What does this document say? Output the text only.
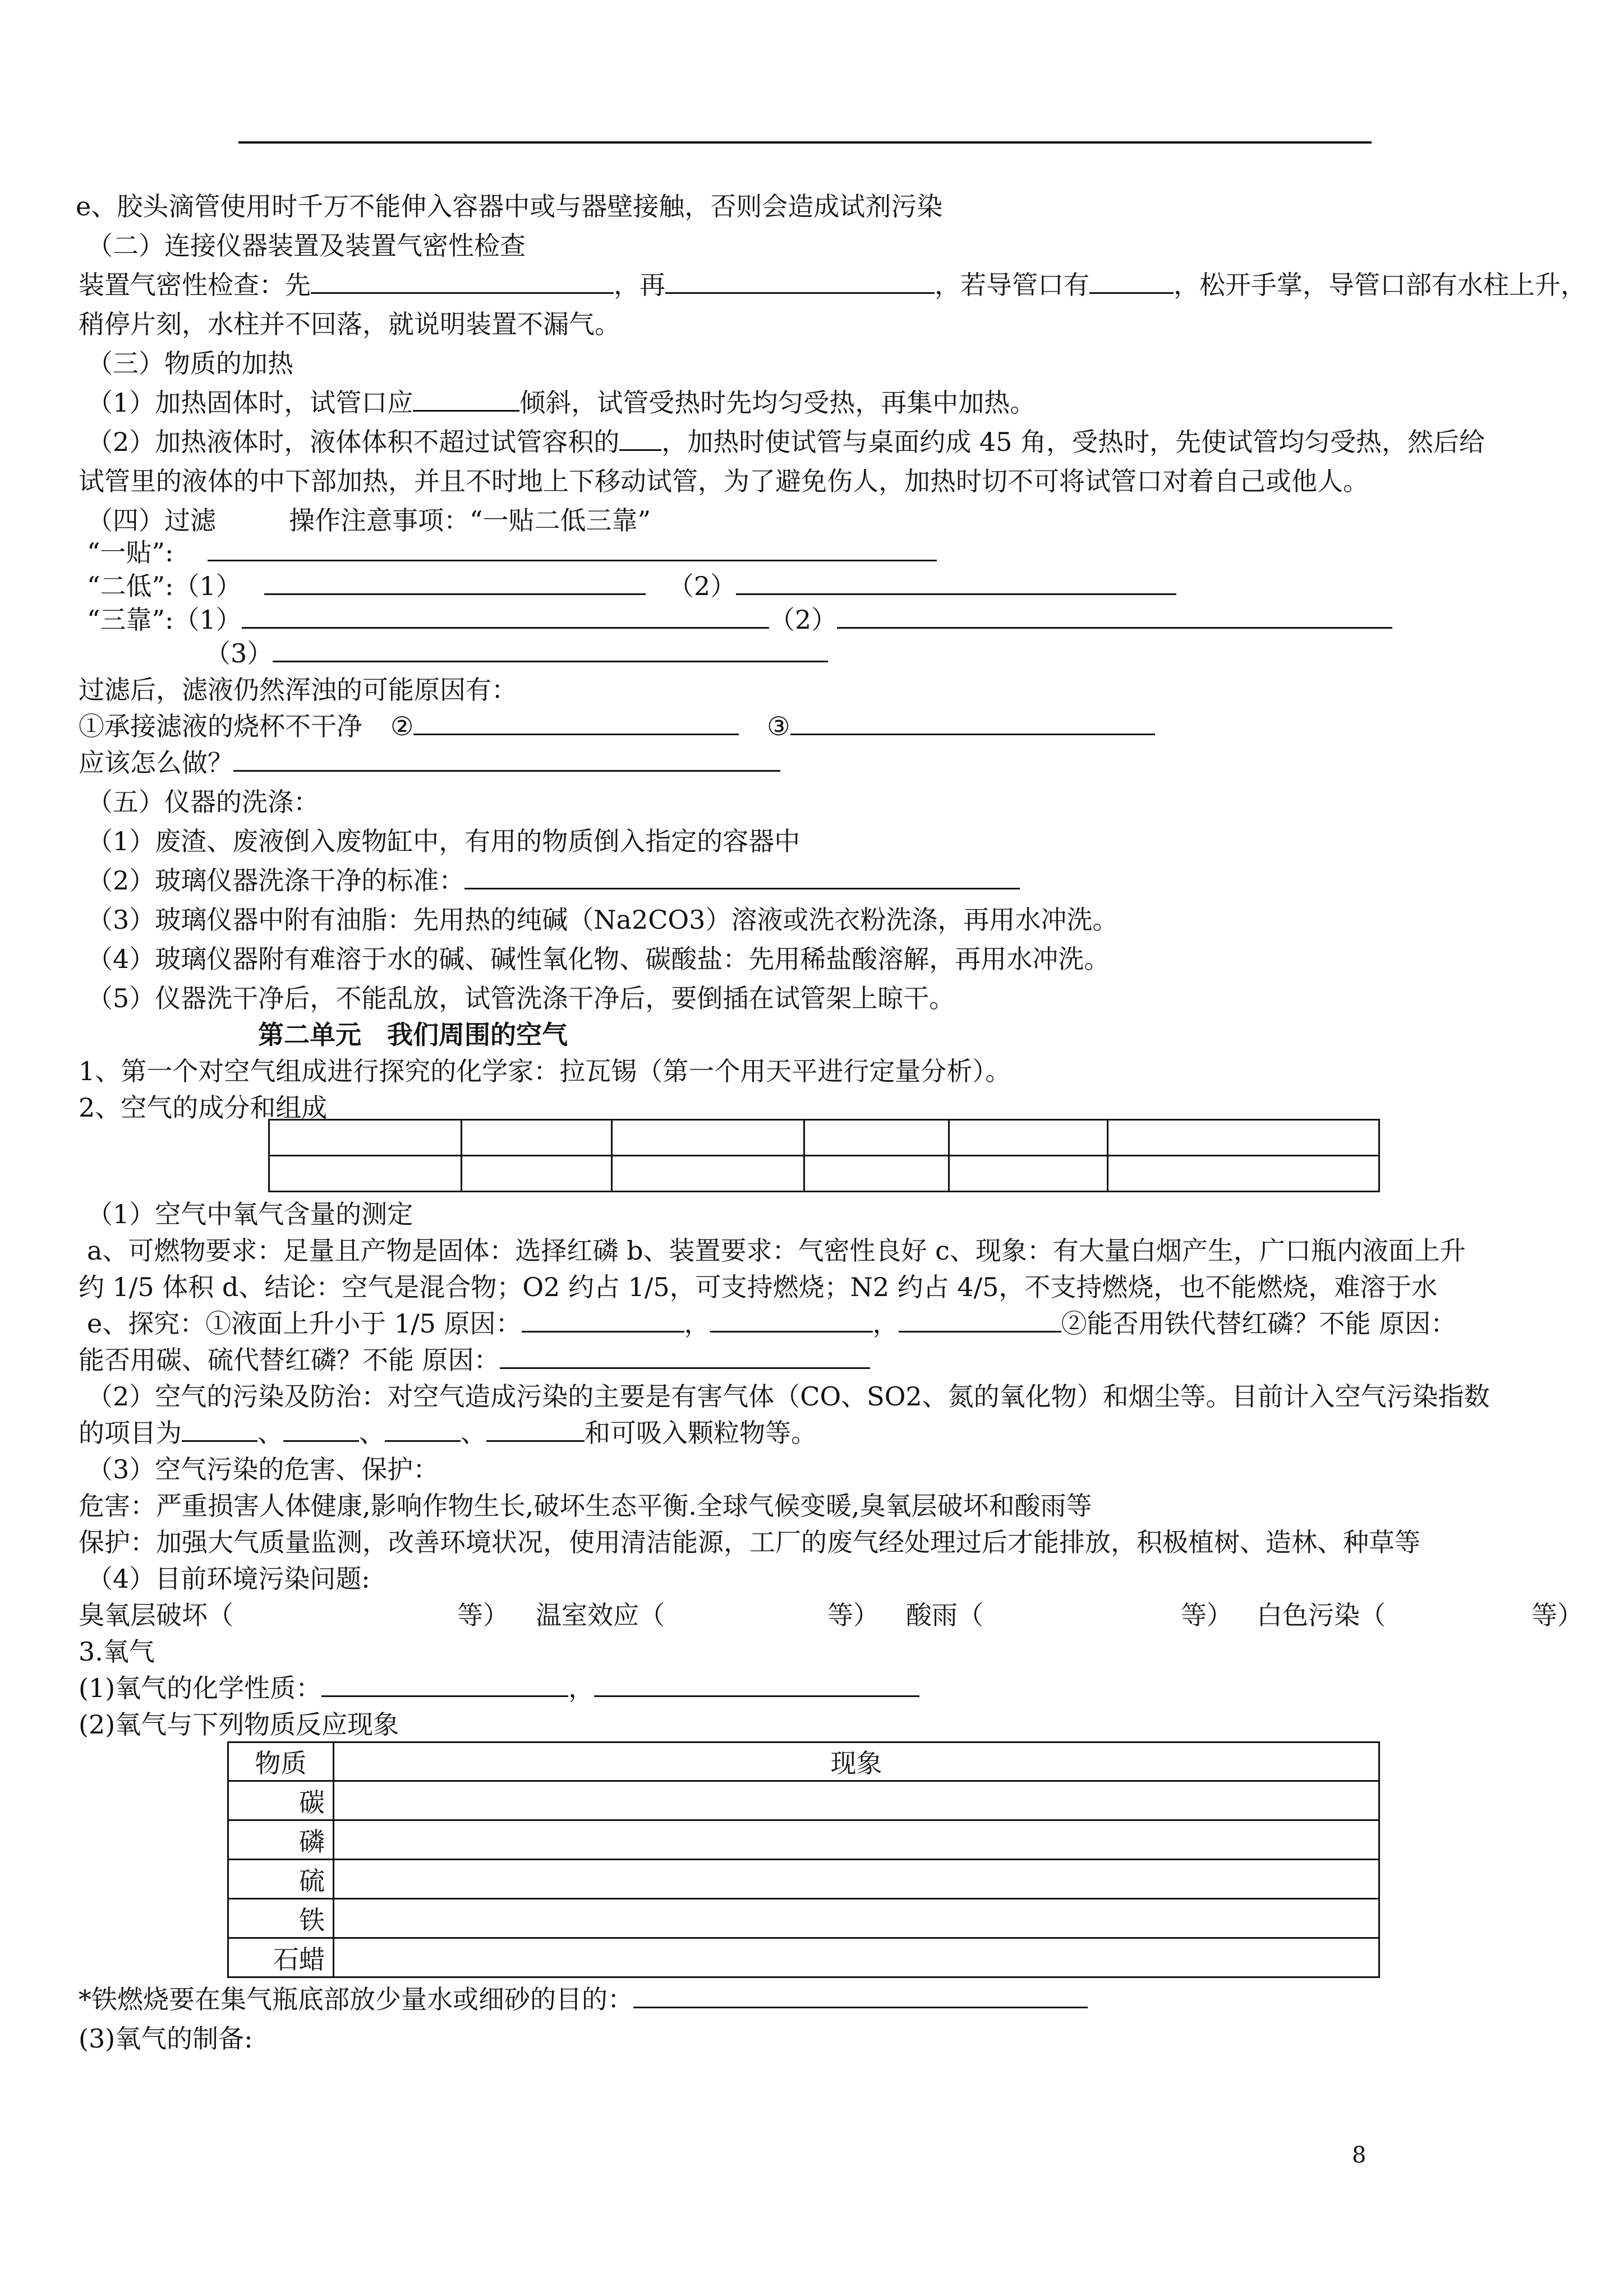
e、胶头滴管使用时千万不能伸入容器中或与器壁接触，否则会造成试剂污染
（二）连接仪器装置及装置气密性检查
装置气密性检查：先	，再	，若导管口有	，松开手掌，导管口部有水柱上升，
稍停片刻，水柱并不回落，就说明装置不漏气。
（三）物质的加热
（1）加热固体时，试管口应	倾斜，试管受热时先均匀受热，再集中加热。
（2）加热液体时，液体体积不超过试管容积的 ，加热时使试管与桌面约成 45 角，受热时，先使试管均匀受热，然后给
试管里的液体的中下部加热，并且不时地上下移动试管，为了避免伤人，加热时切不可将试管口对着自己或他人。
（四）过滤	操作注意事项：“一贴二低三靠”
“一贴”:
“二低”:（1）	（2）
“三靠”:（1）	（2）
（3）
过滤后，滤液仍然浑浊的可能原因有：
①承接滤液的烧杯不干净 ②	③
应该怎么做？
（五）仪器的洗涤：
（1）废渣、废液倒入废物缸中，有用的物质倒入指定的容器中
（2）玻璃仪器洗涤干净的标准：
（3）玻璃仪器中附有油脂：先用热的纯碱（Na2CO3）溶液或洗衣粉洗涤，再用水冲洗。
（4）玻璃仪器附有难溶于水的碱、碱性氧化物、碳酸盐：先用稀盐酸溶解，再用水冲洗。
（5）仪器洗干净后，不能乱放，试管洗涤干净后，要倒插在试管架上晾干。
第二单元　我们周围的空气
1、第一个对空气组成进行探究的化学家：拉瓦锡（第一个用天平进行定量分析）。
2、空气的成分和组成

（1）空气中氧气含量的测定
a、可燃物要求：足量且产物是固体：选择红磷 b、装置要求：气密性良好 c、现象：有大量白烟产生，广口瓶内液面上升
约 1/5 体积 d、结论：空气是混合物；O2 约占 1/5，可支持燃烧；N2 约占 4/5，不支持燃烧，也不能燃烧，难溶于水
e、探究：①液面上升小于 1/5 原因：	，	，	②能否用铁代替红磷？不能 原因：
能否用碳、硫代替红磷？不能 原因：
（2）空气的污染及防治：对空气造成污染的主要是有害气体（CO、SO2、氮的氧化物）和烟尘等。目前计入空气污染指数
的项目为	、	、	、	和可吸入颗粒物等。
（3）空气污染的危害、保护：
危害：严重损害人体健康,影响作物生长,破坏生态平衡.全球气候变暖,臭氧层破坏和酸雨等
保护：加强大气质量监测，改善环境状况，使用清洁能源，工厂的废气经处理过后才能排放，积极植树、造林、种草等
（4）目前环境污染问题:
臭氧层破坏（	等） 温室效应（	等） 酸雨（	等） 白色污染（	等）
3.氧气
(1)氧气的化学性质：	，
(2)氧气与下列物质反应现象
物质	现象
碳	
磷	
硫	
铁	
石蜡	
*铁燃烧要在集气瓶底部放少量水或细砂的目的：
(3)氧气的制备:
8
